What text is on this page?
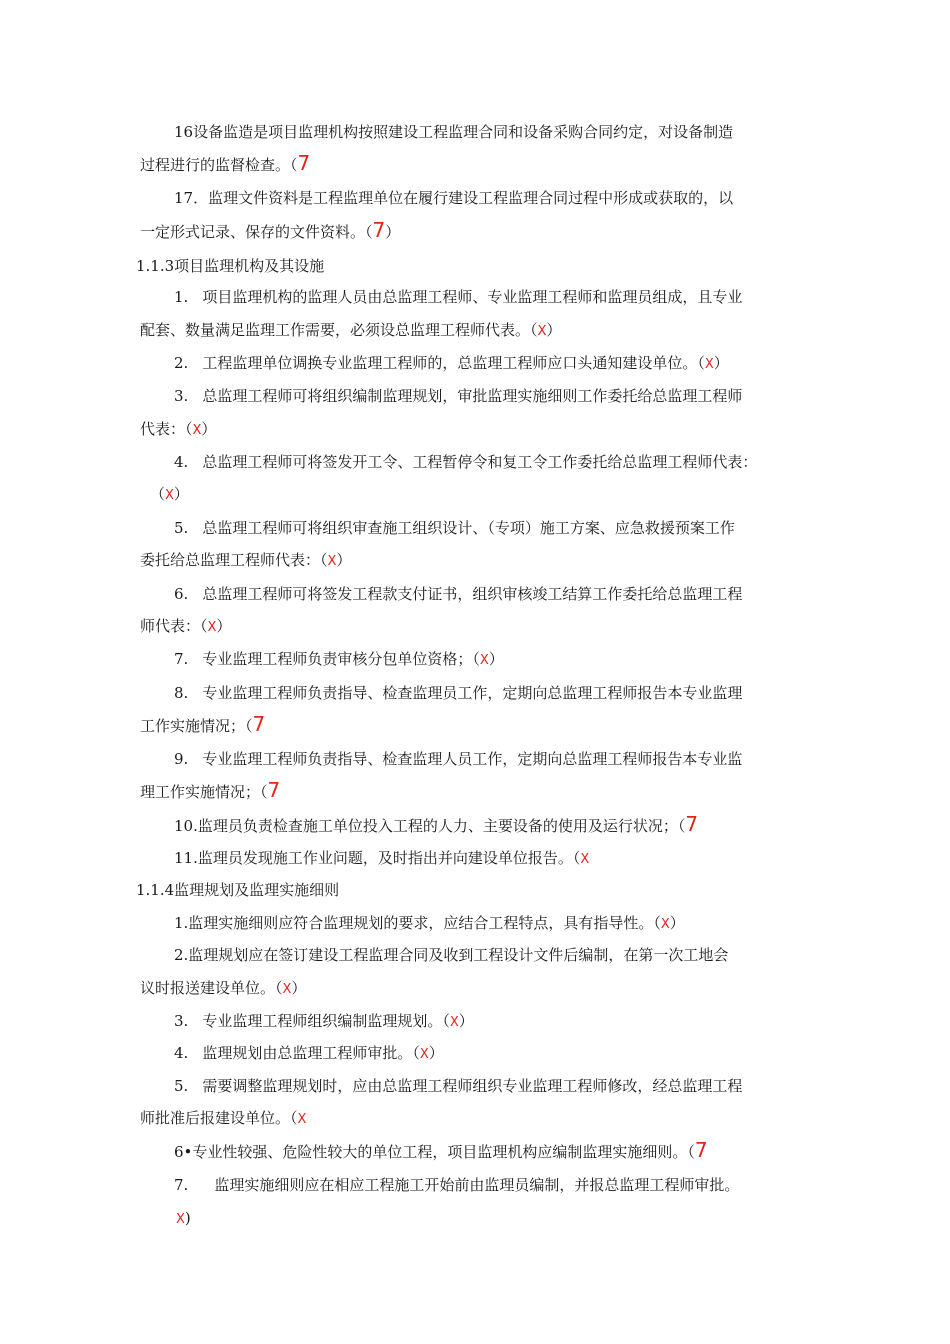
16设备监造是项目监理机构按照建设工程监理合同和设备采购合同约定，对设备制造
过程进行的监督检查。（7
17．监理文件资料是工程监理单位在履行建设工程监理合同过程中形成或获取的，以
一定形式记录、保存的文件资料。（7）
1.1.3项目监理机构及其设施
1. 项目监理机构的监理人员由总监理工程师、专业监理工程师和监理员组成，且专业
配套、数量满足监理工作需要，必须设总监理工程师代表。（X）
2. 工程监理单位调换专业监理工程师的，总监理工程师应口头通知建设单位。（X）
3. 总监理工程师可将组织编制监理规划，审批监理实施细则工作委托给总监理工程师
代表：（X）
4. 总监理工程师可将签发开工令、工程暂停令和复工令工作委托给总监理工程师代表：
（X）
5. 总监理工程师可将组织审查施工组织设计、（专项）施工方案、应急救援预案工作
委托给总监理工程师代表：（X）
6. 总监理工程师可将签发工程款支付证书，组织审核竣工结算工作委托给总监理工程
师代表：（X）
7. 专业监理工程师负责审核分包单位资格；（X）
8. 专业监理工程师负责指导、检查监理员工作，定期向总监理工程师报告本专业监理
工作实施情况；（7
9. 专业监理工程师负责指导、检查监理人员工作，定期向总监理工程师报告本专业监
理工作实施情况；（7
10.监理员负责检查施工单位投入工程的人力、主要设备的使用及运行状况；（7
11.监理员发现施工作业问题，及时指出并向建设单位报告。（X
1.1.4监理规划及监理实施细则
1.监理实施细则应符合监理规划的要求，应结合工程特点，具有指导性。（X）
2.监理规划应在签订建设工程监理合同及收到工程设计文件后编制，在第一次工地会
议时报送建设单位。（X）
3. 专业监理工程师组织编制监理规划。（X）
4. 监理规划由总监理工程师审批。（X）
5. 需要调整监理规划时，应由总监理工程师组织专业监理工程师修改，经总监理工程
师批准后报建设单位。（X
6•专业性较强、危险性较大的单位工程，项目监理机构应编制监理实施细则。（7
7. 监理实施细则应在相应工程施工开始前由监理员编制，并报总监理工程师审批。
X)
